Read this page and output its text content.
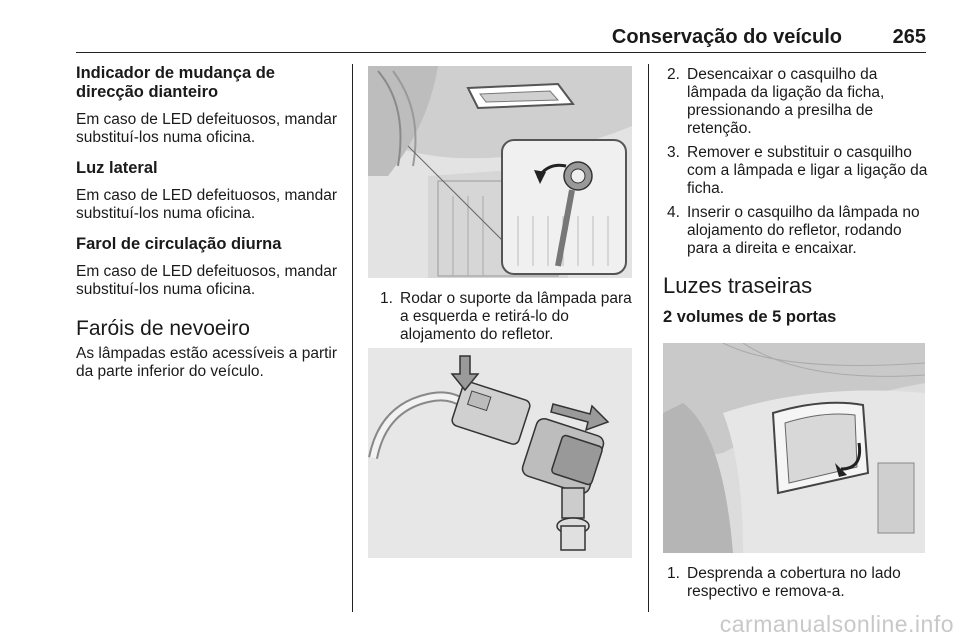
Conservação do veículo	265
Indicador de mudança de direcção dianteiro

Em caso de LED defeituosos, mandar substituí-los numa oficina.

Luz lateral

Em caso de LED defeituosos, mandar substituí-los numa oficina.

Farol de circulação diurna

Em caso de LED defeituosos, mandar substituí-los numa oficina.

Faróis de nevoeiro

As lâmpadas estão acessíveis a partir da parte inferior do veículo.

1. Rodar o suporte da lâmpada para a esquerda e retirá-lo do alojamento do refletor.
2. Desencaixar o casquilho da lâmpada da ligação da ficha, pressionando a presilha de retenção.
3. Remover e substituir o casquilho com a lâmpada e ligar a ligação da ficha.
4. Inserir o casquilho da lâmpada no alojamento do refletor, rodando para a direita e encaixar.
Luzes traseiras
2 volumes de 5 portas
1. Desprenda a cobertura no lado respectivo e remova-a.
carmanualsonline.info
